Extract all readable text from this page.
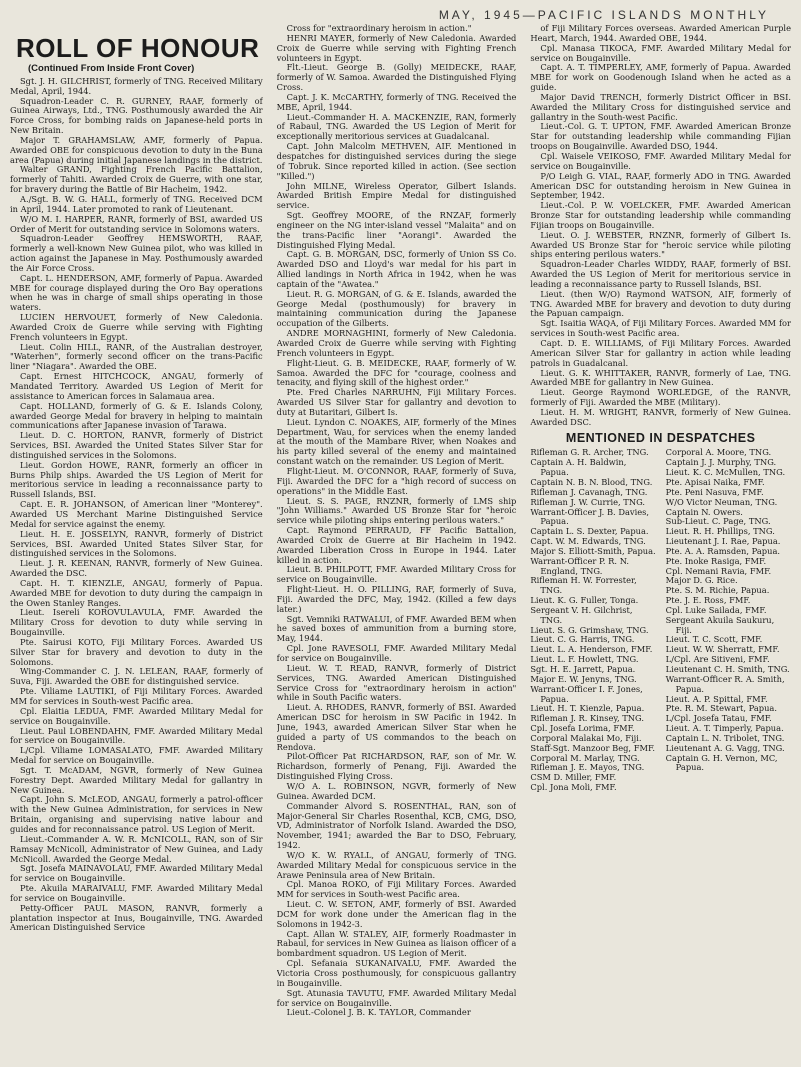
MAY, 1945—PACIFIC ISLANDS MONTHLY
ROLL OF HONOUR
(Continued From Inside Front Cover)

Sgt. J. H. GILCHRIST, formerly of TNG. Received Military Medal, April, 1944.

Squadron-Leader C. R. GURNEY, RAAF, formerly of Guinea Airways, Ltd., TNG. Posthumously awarded the Air Force Cross, for bombing raids on Japanese-held ports in New Britain.

Major T. GRAHAMSLAW, AMF, formerly of Papua. Awarded OBE for conspicuous devotion to duty in the Buna area (Papua) during initial Japanese landings in the district.

Walter GRAND, Fighting French Pacific Battalion, formerly of Tahiti. Awarded Croix de Guerre, with one star, for bravery during the Battle of Bir Hacheim, 1942.

A./Sgt. B. W. G. HALL, formerly of TNG. Received DCM in April, 1944. Later promoted to rank of Lieutenant.

W/O M. I. HARPER, RANR, formerly of BSI, awarded US Order of Merit for outstanding service in Solomons waters.

Squadron-Leader Geoffrey HEMSWORTH, RAAF, formerly a well-known New Guinea pilot, who was killed in action against the Japanese in May. Posthumously awarded the Air Force Cross.

Capt. L. HENDERSON, AMF, formerly of Papua. Awarded MBE for courage displayed during the Oro Bay operations when he was in charge of small ships operating in those waters.

LUCIEN HERVOUET, formerly of New Caledonia. Awarded Croix de Guerre while serving with Fighting French volunteers in Egypt.

Lieut. Colin HILL, RANR, of the Australian destroyer, "Waterhen", formerly second officer on the trans-Pacific liner "Niagara". Awarded the OBE.

Capt. Ernest HITCHCOCK, ANGAU, formerly of Mandated Territory. Awarded US Legion of Merit for assistance to American forces in Salamaua area.

Capt. HOLLAND, formerly of G. & E. Islands Colony, awarded George Medal for bravery in helping to maintain communications after Japanese invasion of Tarawa.

Lieut. D. C. HORTON, RANVR, formerly of District Services, BSI. Awarded the United States Silver Star for distinguished services in the Solomons.

Lieut. Gordon HOWE, RANR, formerly an officer in Burns Philp ships. Awarded the US Legion of Merit for meritorious service in leading a reconnaissance party to Russell Islands, BSI.

Capt. E. R. JOHANSON, of American liner "Monterey". Awarded US Merchant Marine Distinguished Service Medal for service against the enemy.

Lieut. H. E. JOSSELYN, RANVR, formerly of District Services, BSI. Awarded United States Silver Star, for distinguished services in the Solomons.

Lieut. J. R. KEENAN, RANVR, formerly of New Guinea. Awarded the DSC.

Capt. H. T. KIENZLE, ANGAU, formerly of Papua. Awarded MBE for devotion to duty during the campaign in the Owen Stanley Ranges.

Lieut. Isereli KOROVULAVULA, FMF. Awarded the Military Cross for devotion to duty while serving in Bougainville.

Pte. Sairusi KOTO, Fiji Military Forces. Awarded US Silver Star for bravery and devotion to duty in the Solomons.

Wing-Commander C. J. N. LELEAN, RAAF, formerly of Suva, Fiji. Awarded the OBE for distinguished service.

Pte. Viliame LAUTIKI, of Fiji Military Forces. Awarded MM for services in South-west Pacific area.

Cpl. Elaitia LEDUA, FMF. Awarded Military Medal for service on Bougainville.

Lieut. Paul LOBENDAHN, FMF. Awarded Military Medal for service on Bougainville.

L/Cpl. Viliame LOMASALATO, FMF. Awarded Military Medal for service on Bougainville.

Sgt. T. McADAM, NGVR, formerly of New Guinea Forestry Dept. Awarded Military Medal for gallantry in New Guinea.

Capt. John S. McLEOD, ANGAU, formerly a patrol-officer with the New Guinea Administration, for services in New Britain, organising and supervising native labour and guides and for reconnaissance patrol. US Legion of Merit.

Lieut.-Commander A. W. R. McNICOLL, RAN, son of Sir Ramsay McNicoll, Administrator of New Guinea, and Lady McNicoll. Awarded the George Medal.

Sgt. Josefa MAINAVOLAU, FMF. Awarded Military Medal for service on Bougainville.

Pte. Akuila MARAIVALU, FMF. Awarded Military Medal for service on Bougainville.

Petty-Officer PAUL MASON, RANVR, formerly a plantation inspector at Inus, Bougainville, TNG. Awarded American Distinguished Service

Cross for "extraordinary heroism in action."

HENRI MAYER, formerly of New Caledonia. Awarded Croix de Guerre while serving with Fighting French volunteers in Egypt.

Flt.-Lieut. George B. (Golly) MEIDECKE, RAAF, formerly of W. Samoa. Awarded the Distinguished Flying Cross.

Capt. J. K. McCARTHY, formerly of TNG. Received the MBE, April, 1944.

Lieut.-Commander H. A. MACKENZIE, RAN, formerly of Rabaul, TNG. Awarded the US Legion of Merit for exceptionally meritorious services at Guadalcanal.

Capt. John Malcolm METHVEN, AIF. Mentioned in despatches for distinguished services during the siege of Tobruk. Since reported killed in action. (See section "Killed.")

John MILNE, Wireless Operator, Gilbert Islands. Awarded British Empire Medal for distinguished service.

Sgt. Geoffrey MOORE, of the RNZAF, formerly engineer on the NG inter-island vessel "Malaita" and on the trans-Pacific liner "Aorangi". Awarded the Distinguished Flying Medal.

Capt. G. B. MORGAN, DSC, formerly of Union SS Co. Awarded DSO and Lloyd's war medal for his part in Allied landings in North Africa in 1942, when he was captain of the "Awatea."

Lieut. R. G. MORGAN, of G. & E. Islands, awarded the George Medal (posthumously) for bravery in maintaining communication during the Japanese occupation of the Gilberts.

ANDRE MORNAGHINI, formerly of New Caledonia. Awarded Croix de Guerre while serving with Fighting French volunteers in Egypt.

Flight-Lieut. G. B. MEIDECKE, RAAF, formerly of W. Samoa. Awarded the DFC for "courage, coolness and tenacity, and flying skill of the highest order."

Pte. Fred Charles NARRUHN, Fiji Military Forces. Awarded US Silver Star for gallantry and devotion to duty at Butaritari, Gilbert Is.

Lieut. Lyndon C. NOAKES, AIF, formerly of the Mines Department, Wau, for services when the enemy landed at the mouth of the Mambare River, when Noakes and his party killed several of the enemy and maintained constant watch on the remainder. US Legion of Merit.

Flight-Lieut. M. O'CONNOR, RAAF, formerly of Suva, Fiji. Awarded the DFC for a "high record of success on operations" in the Middle East.

Lieut. S. S. PAGE, RNZNR, formerly of LMS ship "John Williams." Awarded US Bronze Star for "heroic service while piloting ships entering perilous waters."

Capt. Raymond PERRAUD, FF Pacific Battalion, Awarded Croix de Guerre at Bir Hacheim in 1942. Awarded Liberation Cross in Europe in 1944. Later killed in action.

Lieut. B. PHILPOTT, FMF. Awarded Military Cross for service on Bougainville.

Flight-Lieut. H. O. PILLING, RAF, formerly of Suva, Fiji. Awarded the DFC, May, 1942. (Killed a few days later.)

Sgt. Vemniki RATWALUI, of FMF. Awarded BEM when he saved boxes of ammunition from a burning store, May, 1944.

Cpl. Jone RAVESOLI, FMF. Awarded Military Medal for service on Bougainville.

Lieut. W. T. READ, RANVR, formerly of District Services, TNG. Awarded American Distinguished Service Cross for "extraordinary heroism in action" while in South Pacific waters.

Lieut. A. RHODES, RANVR, formerly of BSI. Awarded American DSC for heroism in SW Pacific in 1942. In June, 1943, awarded American Silver Star when he guided a party of US commandos to the beach on Rendova.

Pilot-Officer Pat RICHARDSON, RAF, son of Mr. W. Richardson, formerly of Penang, Fiji. Awarded the Distinguished Flying Cross.

W/O A. L. ROBINSON, NGVR, formerly of New Guinea. Awarded DCM.

Commander Alvord S. ROSENTHAL, RAN, son of Major-General Sir Charles Rosenthal, KCB, CMG, DSO, VD, Administrator of Norfolk Island. Awarded the DSO, November, 1941; awarded the Bar to DSO, February, 1942.

W/O K. W. RYALL, of ANGAU, formerly of TNG. Awarded Military Medal for conspicuous service in the Arawe Peninsula area of New Britain.

Cpl. Manoa ROKO, of Fiji Military Forces. Awarded MM for services in South-west Pacific area.

Lieut. C. W. SETON, AMF, formerly of BSI. Awarded DCM for work done under the American flag in the Solomons in 1942-3.

Capt. Allan W. STALEY, AIF, formerly Roadmaster in Rabaul, for services in New Guinea as liaison officer of a bombardment squadron. US Legion of Merit.

Cpl. Sefanaia SUKANAIVALU, FMF. Awarded the Victoria Cross posthumously, for conspicuous gallantry in Bougainville.

Sgt. Atunasia TAVUTU, FMF. Awarded Military Medal for service on Bougainville.

Lieut.-Colonel J. B. K. TAYLOR, Commander

of Fiji Military Forces overseas. Awarded American Purple Heart, March, 1944. Awarded OBE, 1944.

Cpl. Manasa TIKOCA, FMF. Awarded Military Medal for service on Bougainville.

Capt. A. T. TIMPERLEY, AMF, formerly of Papua. Awarded MBE for work on Goodenough Island when he acted as a guide.

Major David TRENCH, formerly District Officer in BSI. Awarded the Military Cross for distinguished service and gallantry in the South-west Pacific.

Lieut.-Col. G. T. UPTON, FMF. Awarded American Bronze Star for outstanding leadership while commanding Fijian troops on Bougainville. Awarded DSO, 1944.

Cpl. Waisele VEIKOSO, FMF. Awarded Military Medal for service on Bougainville.

P/O Leigh G. VIAL, RAAF, formerly ADO in TNG. Awarded American DSC for outstanding heroism in New Guinea in September, 1942.

Lieut.-Col. P. W. VOELCKER, FMF. Awarded American Bronze Star for outstanding leadership while commanding Fijian troops on Bougainville.

Lieut. O. J. WEBSTER, RNZNR, formerly of Gilbert Is. Awarded US Bronze Star for "heroic service while piloting ships entering perilous waters."

Squadron-Leader Charles WIDDY, RAAF, formerly of BSI. Awarded the US Legion of Merit for meritorious service in leading a reconnaissance party to Russell Islands, BSI.

Lieut. (then W/O) Raymond WATSON, AIF, formerly of TNG. Awarded MBE for bravery and devotion to duty during the Papuan campaign.

Sgt. Isaitia WAQA, of Fiji Military Forces. Awarded MM for services in South-west Pacific area.

Capt. D. E. WILLIAMS, of Fiji Military Forces. Awarded American Silver Star for gallantry in action while leading patrols in Guadalcanal.

Lieut. G. K. WHITTAKER, RANVR, formerly of Lae, TNG. Awarded MBE for gallantry in New Guinea.

Lieut. George Raymond WORLEDGE, of the RANVR, formerly of Fiji. Awarded the MBE (Military).

Lieut. H. M. WRIGHT, RANVR, formerly of New Guinea. Awarded DSC.

MENTIONED IN DESPATCHES
Rifleman G. R. Archer, TNG.
Captain A. H. Baldwin, Papua.
Captain N. B. N. Blood, TNG.
Rifleman J. Cavanagh, TNG.
Rifleman J. W. Currie, TNG.
Warrant-Officer J. B. Davies, Papua.
Captain L. S. Dexter, Papua.
Capt. W. M. Edwards, TNG.
Major S. Elliott-Smith, Papua.
Warrant-Officer P. R. N. England, TNG.
Rifleman H. W. Forrester, TNG.
Lieut. K. G. Fuller, Tonga.
Sergeant V. H. Gilchrist, TNG.
Lieut. S. G. Grimshaw, TNG.
Lieut. C. G. Harris, TNG.
Lieut. L. A. Henderson, FMF.
Lieut. L. F. Howlett, TNG.
Sgt. H. E. Jarrett, Papua.
Major E. W. Jenyns, TNG.
Warrant-Officer I. F. Jones, Papua.
Lieut. H. T. Kienzle, Papua.
Rifleman J. R. Kinsey, TNG.
Cpl. Josefa Lorima, FMF.
Corporal Malakai Mo, Fiji.
Staff-Sgt. Manzoor Beg, FMF.
Corporal M. Marlay, TNG.
Rifleman J. E. Mayos, TNG.
CSM D. Miller, FMF.
Cpl. Jona Moli, FMF.
Corporal A. Moore, TNG.
Captain J. J. Murphy, TNG.
Lieut. K. C. McMullen, TNG.
Pte. Apisai Naika, FMF.
Pte. Peni Nasuva, FMF.
W/O Victor Neuman, TNG.
Captain N. Owers.
Sub-Lieut. C. Page, TNG.
Lieut. R. H. Phillips, TNG.
Lieutenant J. I. Rae, Papua.
Pte. A. A. Ramsden, Papua.
Pte. Inoke Rasiga, FMF.
Cpl. Nemani Ravia, FMF.
Major D. G. Rice.
Pte. S. M. Richie, Papua.
Pte. J. E. Ross, FMF.
Cpl. Luke Sailada, FMF.
Sergeant Akuila Saukuru, Fiji.
Lieut. T. C. Scott, FMF.
Lieut. W. W. Sherratt, FMF.
L/Cpl. Are Sitiveni, FMF.
Lieutenant C. H. Smith, TNG.
Warrant-Officer R. A. Smith, Papua.
Lieut. A. P. Spittal, FMF.
Pte. R. M. Stewart, Papua.
L/Cpl. Josefa Tatau, FMF.
Lieut. A. T. Timperly, Papua.
Captain L. N. Tribolet, TNG.
Lieutenant A. G. Vagg, TNG.
Captain G. H. Vernon, MC, Papua.
